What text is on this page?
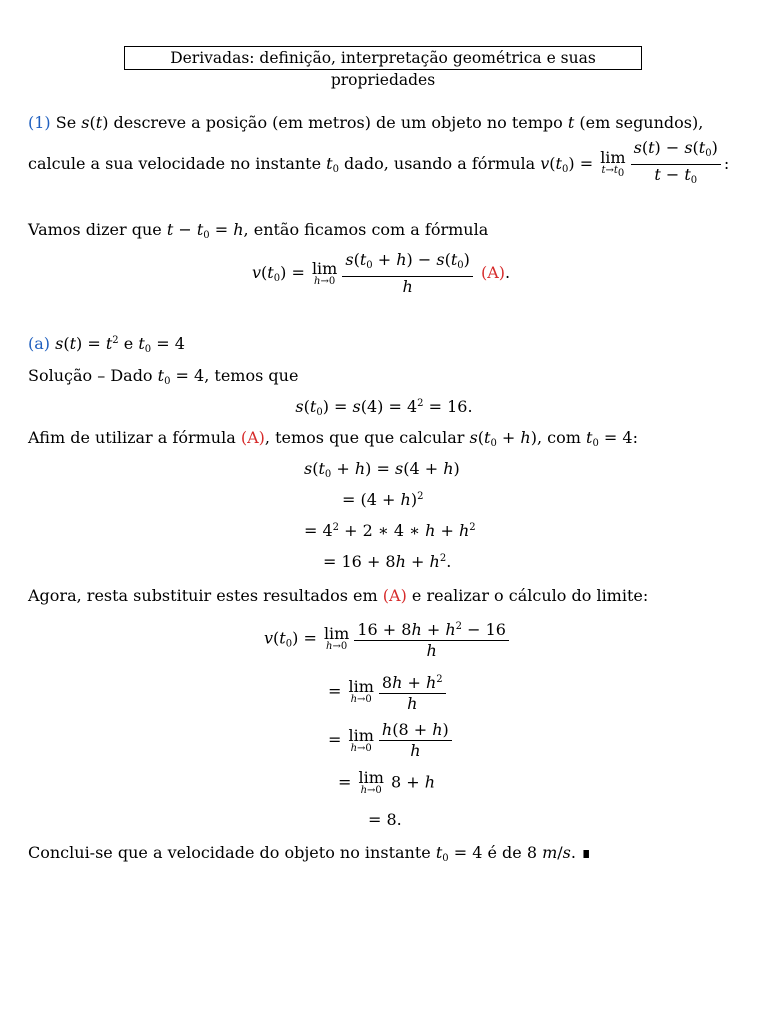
Derivadas: definição, interpretação geométrica e suas propriedades
(1) Se s(t) descreve a posição (em metros) de um objeto no tempo t (em segundos),
calcule a sua velocidade no instante $t_0$ dado, usando a fórmula $v(t_0) = \lim$
$t\to t_0 \frac{s(t) - s(t_0)}{t - t_0}$ :
Vamos dizer que $t - t_0 = h$, então ficamos com a fórmula
$v(t_0) = \lim$
$h\to 0 \frac{s(t_0 + h) - s(t_0)}{h} (A)$.
(a) $s(t) = t^2$ e $t_0 = 4$
Solução – Dado $t_0 = 4$, temos que
$s(t_0) = s(4) = 4^2 = 16$.
Afim de utilizar a fórmula (A), temos que que calcular $s(t_0 + h)$, com $t_0 = 4$:
$s(t_0 + h) = s(4 + h)$
= $(4 + h)^2$
= $4^2 + 2$ ∗ 4 ∗ $h + h^2$
= $16 + 8h + h^2$.
Agora, resta substituir estes resultados em (A) e realizar o cálculo do limite:
$v(t_0) = \lim$
$h\to 0 \frac{16 + 8h + h^2 - 16}{h}$
= lim
$h\to 0 \frac{8h + h^2}{h}$
= lim
$h\to 0 \frac{h(8 + h)}{h}$
= lim
h→0 8 + h
= 8.
Conclui-se que a velocidade do objeto no instante $t_0 = 4$ é de 8 m/s. ∎
